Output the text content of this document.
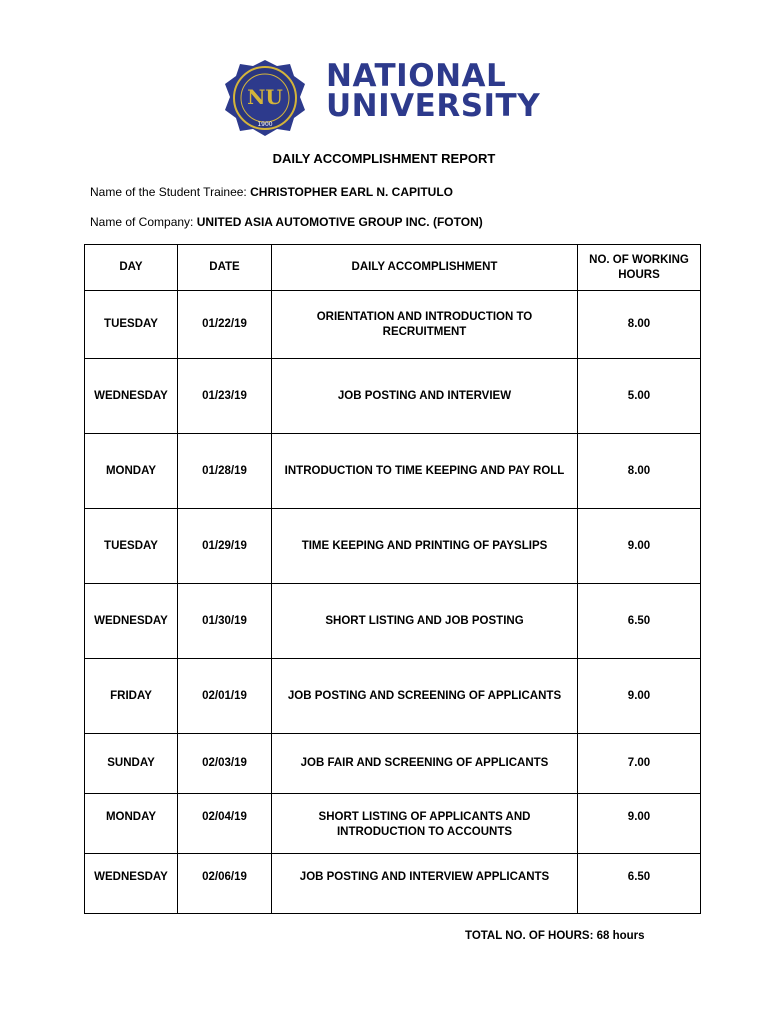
NU
1900
NATIONAL
UNIVERSITY
DAILY ACCOMPLISHMENT REPORT
Name of the Student Trainee: CHRISTOPHER EARL N. CAPITULO
Name of Company: UNITED ASIA AUTOMOTIVE GROUP INC. (FOTON)
DAY	DATE	DAILY ACCOMPLISHMENT	NO. OF WORKING HOURS
TUESDAY	01/22/19	ORIENTATION AND INTRODUCTION TO RECRUITMENT	8.00
WEDNESDAY	01/23/19	JOB POSTING AND INTERVIEW	5.00
MONDAY	01/28/19	INTRODUCTION TO TIME KEEPING AND PAY ROLL	8.00
TUESDAY	01/29/19	TIME KEEPING AND PRINTING OF PAYSLIPS	9.00
WEDNESDAY	01/30/19	SHORT LISTING AND JOB POSTING	6.50
FRIDAY	02/01/19	JOB POSTING AND SCREENING OF APPLICANTS	9.00
SUNDAY	02/03/19	JOB FAIR AND SCREENING OF APPLICANTS	7.00
MONDAY	02/04/19	SHORT LISTING OF APPLICANTS AND INTRODUCTION TO ACCOUNTS	9.00
WEDNESDAY	02/06/19	JOB POSTING AND INTERVIEW APPLICANTS	6.50
TOTAL NO. OF HOURS: 68 hours
